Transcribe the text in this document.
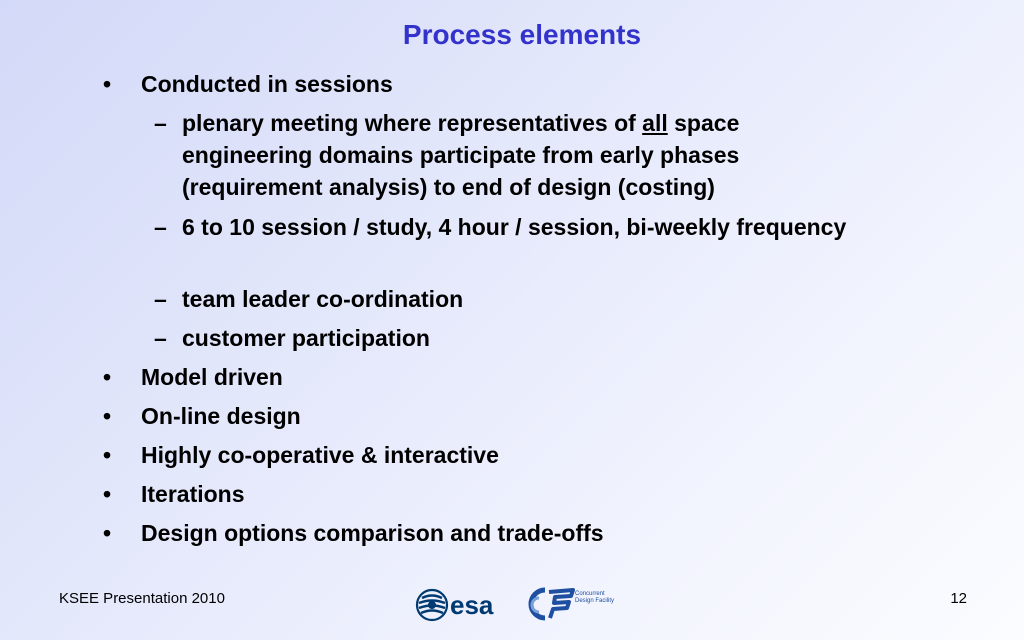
Process elements
•	Conducted in sessions
– plenary meeting where representatives of all space engineering domains participate from early phases (requirement analysis) to end of design (costing)
– 6 to 10 session / study, 4 hour / session, bi-weekly frequency
– team leader co-ordination
– customer participation
•	Model driven
•	On-line design
•	Highly co-operative & interactive
•	Iterations
•	Design options comparison and trade-offs
KSEE Presentation 2010	esa	Concurrent
Design Facility	12
